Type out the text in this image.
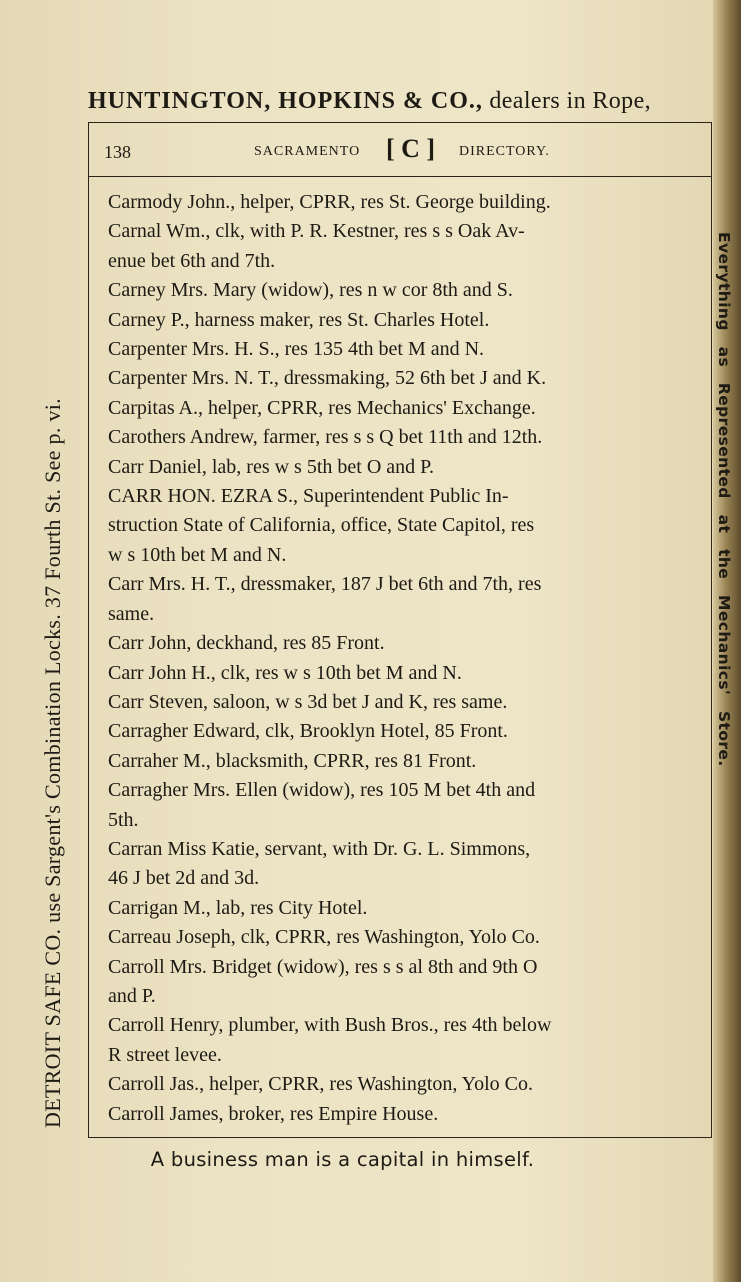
HUNTINGTON, HOPKINS & CO., dealers in Rope,
138	SACRAMENTO [ C ] DIRECTORY.
Carmody John., helper, CPRR, res St. George building.
Carnal Wm., clk, with P. R. Kestner, res s s Oak Av-
enue bet 6th and 7th.
Carney Mrs. Mary (widow), res n w cor 8th and S.
Carney P., harness maker, res St. Charles Hotel.
Carpenter Mrs. H. S., res 135 4th bet M and N.
Carpenter Mrs. N. T., dressmaking, 52 6th bet J and K.
Carpitas A., helper, CPRR, res Mechanics' Exchange.
Carothers Andrew, farmer, res s s Q bet 11th and 12th.
Carr Daniel, lab, res w s 5th bet O and P.
CARR HON. EZRA S., Superintendent Public In-
struction State of California, office, State Capitol, res
w s 10th bet M and N.
Carr Mrs. H. T., dressmaker, 187 J bet 6th and 7th, res
same.
Carr John, deckhand, res 85 Front.
Carr John H., clk, res w s 10th bet M and N.
Carr Steven, saloon, w s 3d bet J and K, res same.
Carragher Edward, clk, Brooklyn Hotel, 85 Front.
Carraher M., blacksmith, CPRR, res 81 Front.
Carragher Mrs. Ellen (widow), res 105 M bet 4th and
5th.
Carran Miss Katie, servant, with Dr. G. L. Simmons,
46 J bet 2d and 3d.
Carrigan M., lab, res City Hotel.
Carreau Joseph, clk, CPRR, res Washington, Yolo Co.
Carroll Mrs. Bridget (widow), res s s al 8th and 9th O
and P.
Carroll Henry, plumber, with Bush Bros., res 4th below
R street levee.
Carroll Jas., helper, CPRR, res Washington, Yolo Co.
Carroll James, broker, res Empire House.
A business man is a capital in himself.
DETROIT SAFE CO. use Sargent's Combination Locks. 37 Fourth St. See p. vi.	Everything as Represented at the Mechanics' Store.
